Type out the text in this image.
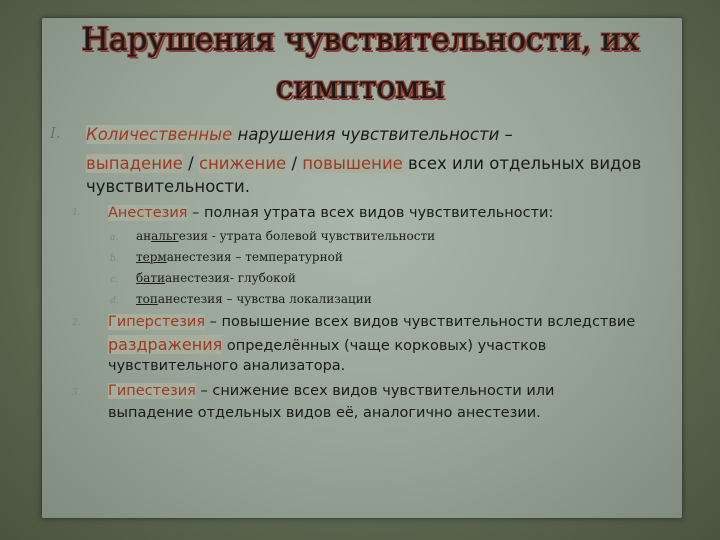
Нарушения чувствительности, их
симптомы
I. Количественные нарушения чувствительности –
выпадение / снижение / повышение всех или отдельных видов
чувствительности.
1. Анестезия – полная утрата всех видов чувствительности:
a. анальгезия - утрата болевой чувствительности
b. терманестезия – температурной
c. батианестезия- глубокой
d. топанестезия – чувства локализации
2. Гиперстезия – повышение всех видов чувствительности вследствие
раздражения определённых (чаще корковых) участков
чувствительного анализатора.
3. Гипестезия – снижение всех видов чувствительности или
выпадение отдельных видов её, аналогично анестезии.
